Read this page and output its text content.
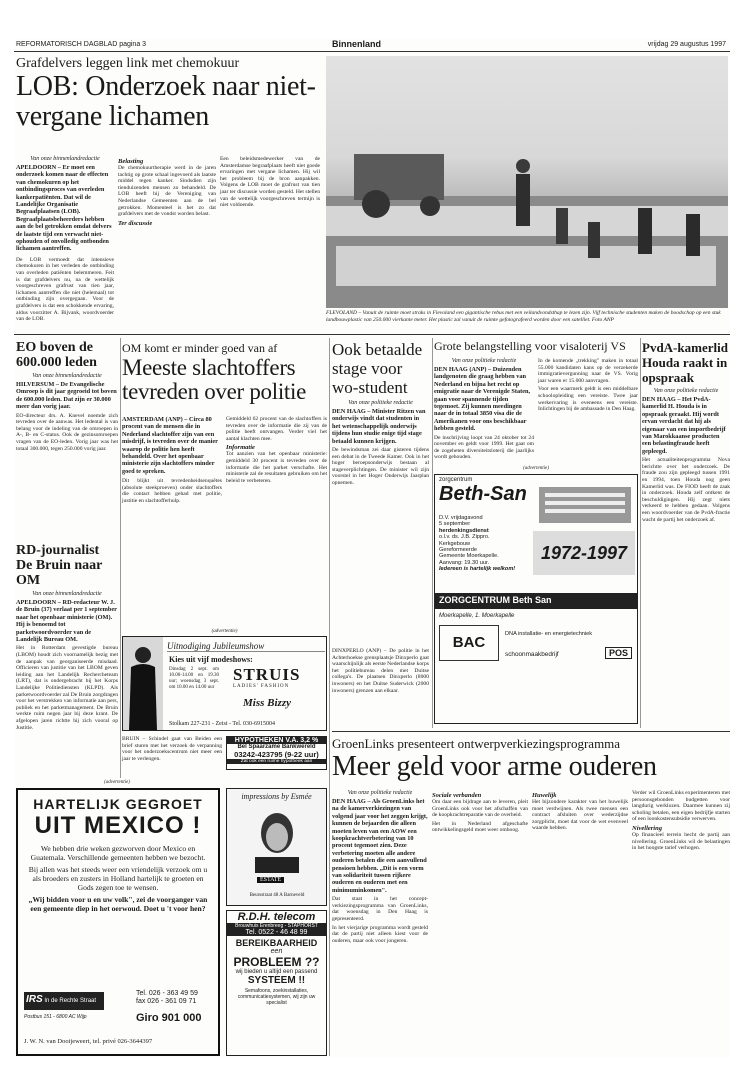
REFORMATORISCH DAGBLAD pagina 3	Binnenland	vrijdag 29 augustus 1997
Grafdelvers leggen link met chemokuur
LOB: Onderzoek naar niet-vergane lichamen
Van onze binnenlandredactie
APELDOORN – Er moet een onderzoek komen naar de effecten van chemokuren op het ontbindingsproces van overleden kankerpatiënten. Dat wil de Landelijke Organisatie Begraafplaatsen (LOB). Begraafplaatsbeheerders hebben aan de bel getrokken omdat delvers de laatste tijd een verwacht niet-ophouden of onvolledig ontbonden lichamen aantreffen.
De LOB vermoedt dat intensieve chemokuren in het verleden de ontbinding van overleden patiënten belemmeren. Feit is dat grafdelvers nu, na de wettelijk voorgeschreven grafrust van tien jaar, lichamen aantreffen die niet (helemaal) tot ontbinding zijn overgegaan. Voor de grafdelvers is dat een schokkende ervaring, aldus voorzitter A. Bijvank, woordvoerder van de LOB.
Belasting
De chemokuurtherapie werd in de jaren tachtig op grote schaal ingevoerd als laatste middel tegen kanker. Sindsdien zijn tienduizenden mensen zo behandeld. De LOB heeft bij de Vereniging van Nederlandse Gemeenten aan de bel getrokken. Momenteel is het zo dat grafdelvers met de vondst worden belast.
Ter discussie
Een beleidsmedewerker van de Amsterdamse begraafplaats heeft niet goede ervaringen met vergane lichamen. Hij wil het probleem bij de bron aanpakken. Volgens de LOB moet de grafrust van tien jaar ter discussie worden gesteld. Het stellen van de wettelijk voorgeschreven termijn is niet voldoende.
FLEVOLAND – Vanuit de ruimte moet straks in Flevoland een gigantische rebus met een veilandvondsthap te lezen zijn. Vijf technische studenten maken de boodschap op een stuk landbouwplastic van 250.000 vierkante meter. Het plastic zal vanuit de ruimte gefotografeerd worden door een satelliet. Foto ANP
EO boven de 600.000 leden
Van onze binnenlandredactie
HILVERSUM – De Evangelische Omroep is dit jaar gegroeid tot boven de 600.000 leden. Dat zijn er 30.000 meer dan vorig jaar.
EO-directeur drs. A. Knevel noemde zich tevreden over de aanwas. Het ledental is van belang voor de indeling van de omroepen in A-, B- en C-status. Ook de gezinsomroepen vragen van de EO-leden. Vorig jaar was het totaal 300.000, tegen 250.000 vorig jaar.
RD-journalist De Bruin naar OM
Van onze binnenlandredactie
APELDOORN – RD-redacteur W. J. de Bruin (37) verlaat per 1 september naar het openbaar ministerie (OM). Hij is benoemd tot parketwoordvoerder van de Landelijk Bureau OM.
Het in Rotterdam gevestigde bureau (LBOM) houdt zich voornamelijk bezig met de aanpak van georganiseerde misdaad. Officieren van justitie van het LBOM geven leiding aan het Landelijk Rechercheteam (LRT), dat is ondergebracht bij het Korps Landelijke Politiediensten (KLPD). Als parketwoordvoerder zal De Bruin zorgdragen voor het verstrekken van informatie aan pers, publiek en het parketmanagement. De Bruin werkte ruim negen jaar bij deze krant. De afgelopen jaren richtte hij zich vooral op Justitie.
OM komt er minder goed van af
Meeste slachtoffers tevreden over politie
AMSTERDAM (ANP) – Circa 80 procent van de mensen die in Nederland slachtoffer zijn van een misdrijf, is tevreden over de manier waarop de politie hen heeft behandeld. Over het openbaar ministerie zijn slachtoffers minder goed te spreken.
Dit blijkt uit tevredenheidsenquêtes (absolute steekproeven) onder slachtoffers die contact hebben gehad met politie, justitie en slachtofferhulp.
Gemiddeld 62 procent van de slachtoffers is tevreden over de informatie die zij van de politie heeft ontvangen. Verder viel het aantal klachten mee.
Informatie
Tot aanzien van het openbaar ministerie: gemiddeld 30 procent is tevreden over de informatie die het parket verschafte. Het ministerie zal de resultaten gebruiken om het beleid te verbeteren.
(advertentie)
Uitnodiging Jubileumshow
Kies uit vijf modeshows:
Dinsdag 2 sept. om 10.00-14.00 en 19.30 uur; woensdag 3 sept. om 10.00 en 14.00 uur
STRUIS
LADIES' FASHION
Miss Bizzy
Stolkam 227-231 - Zeist - Tel. 030-6915004
BRUIN – Schindel gaat van Beiden een brief sturen met het verzoek de verpanning voor het onderzoekscentrum niet meer een jaar te verlengen.
HYPOTHEKEN V.A. 3,2 %
Bel Spaarzame Bankwereld
03242-423795 (9-22 uur)
Zat ook een ruime hypotheek aan
(advertentie)
HARTELIJK GEGROET
UIT MEXICO !
We hebben drie weken gezworven door Mexico en Guatemala. Verschillende gemeenten hebben we bezocht.
Bij allen was het steeds weer een vriendelijk verzoek om u als broeders en zusters in Holland hartelijk te groeten en Gods zegen toe te wensen.
„Wij bidden voor u en uw volk", zei de voorganger van een gemeente diep in het oerwoud. Doet u 't voor hen?
Tel. 026 - 363 49 59
fax 026 - 361 09 71
Giro 901 000
IRS In de Rechte Straat
Postbus 151 - 6800 AC Wijp
J. W. N. van Dooijeweert, tel. privé 026-3644397
impressions by Esmée
ESTATE
Beursstraat 48 A Barneveld
R.D.H. telecom
Brouwhuis Erenbreeg - STAPHORST
Tel. 0522 - 46 48 99
BEREIKBAARHEID
een
PROBLEEM ??
wij bieden u altijd een passend
SYSTEEM !!
Semafoons, zoekinstallaties, communicatiesystemen, wij zijn uw specialist
Ook betaalde stage voor wo-student
Van onze politieke redactie
DEN HAAG – Minister Ritzen van onderwijs vindt dat studenten in het wetenschappelijk onderwijs tijdens hun studie enige tijd stage betaald kunnen krijgen.
De bewindsman zei daar gisteren tijdens een debat in de Tweede Kamer. Ook in het hoger beroepsonderwijs bestaan al stageverplichtingen. De minister wil zijn voorstel in het Hoger Onderwijs Jaarplan opnemen.
DINXPERLO (ANP) – De politie in het Achterhoekse grensplaatsje Dinxperlo gaat waarschijnlijk als eerste Nederlandse korps het politiebureau delen met Duitse collega's. De plaatsen Dinxperlo (8000 inwoners) en het Duitse Suderwick (2000 inwoners) grenzen aan elkaar.
Grote belangstelling voor visaloterij VS
Van onze politieke redactie
DEN HAAG (ANP) – Duizenden landgenoten die graag hebben van Nederland en bijna het recht op emigratie naar de Verenigde Staten, gaan voor spannende tijden tegemoet. Zij kunnen meedingen naar de in totaal 3850 visa die de Amerikanen voor ons beschikbaar hebben gesteld.
De inschrijving loopt van 24 oktober tot 24 november en geldt voor 1999. Het gaat om de zogeheten diversiteitsloterij die jaarlijks wordt gehouden.
In de komende „trekking" maken in totaal 55.000 kandidaten kans op de verzekerde immigratievergunning naar de VS. Vorig jaar waren er 15.000 aanvragen.
Voor een waarmerk geldt is een middelbare schoolopleiding een vereiste. Twee jaar werkervaring is eveneens een vereiste. Inlichtingen bij de ambassade in Den Haag.
(advertentie)
zorgcentrum
Beth-San
D.V. vrijdagavond
5 september
herdenkingsdienst
o.l.v. ds. J.B. Zippro.
Kerkgebouw
Gereformeerde
Gemeente Moerkapelle.
Aanvang: 19.30 uur.
Iedereen is hartelijk welkom!
1972-1997
ZORGCENTRUM Beth San
Moerkapelle, 1. Moerkapelle
BAC	DNA installatie- en energietechniek
schoonmaakbedrijf	POS
PvdA-kamerlid Houda raakt in opspraak
Van onze politieke redactie
DEN HAAG – Het PvdA-kamerlid H. Houda is in opspraak geraakt. Hij wordt ervan verdacht dat hij als eigenaar van een importbedrijf van Marokkaanse producten een belastingfraude heeft gepleegd.
Het actualiteitenprogramma Nova berichtte over het onderzoek. De fraude zou zijn gepleegd tussen 1991 en 1994, toen Houda nog geen Kamerlid was. De FIOD heeft de zaak in onderzoek. Houda zelf ontkent de beschuldigingen. Hij zegt niets verkeerd te hebben gedaan. Volgens een woordvoerder van de PvdA-fractie wacht de partij het onderzoek af.
GroenLinks presenteert ontwerpverkiezingsprogramma
Meer geld voor arme ouderen
Van onze politieke redactie
DEN HAAG – Als GroenLinks het na de kamerverkiezingen van volgend jaar voor het zeggen krijgt, kunnen de bejaarden die alleen moeten leven van een AOW een koopkrachtverbetering van 10 procent tegemoet zien. Deze verbetering moeten alle andere ouderen betalen die een aanvullend pensioen hebben. „Dit is een vorm van solidariteit tussen rijkere ouderen en ouderen met een minimuminkomen".
Dat staat in het concept-verkiezingsprogramma van GroenLinks, dat woensdag in Den Haag is gepresenteerd.
In het vierjarige programma wordt gesteld dat de partij niet alleen kiest voor de ouderen, maar ook voor jongeren.
Sociale verbanden
Om daar een bijdrage aan te leveren, pleit GroenLinks ook voor het afschaffen van de koopkrachtreparatie van de overheid.
Het in Nederland afgeschafte ontwikkelingsgeld moet weer omhoog.
Huwelijk
Het bijzondere karakter van het huwelijk moet verdwijnen. Als twee mensen een contract afsluiten over wederzijdse zorgplicht, moet dat voor de wet evenveel waarde hebben.
Verder wil GroenLinks experimenteren met persoonsgebonden budgetten voor langdurig werklozen. Daarmee kunnen zij scholing betalen, een eigen bedrijfje starten of een loonkostensubsidie verwerven.
Nivellering
Op financieel terrein hecht de partij aan nivellering. GroenLinks wil de belastingen in het hoogste tarief verhogen.
